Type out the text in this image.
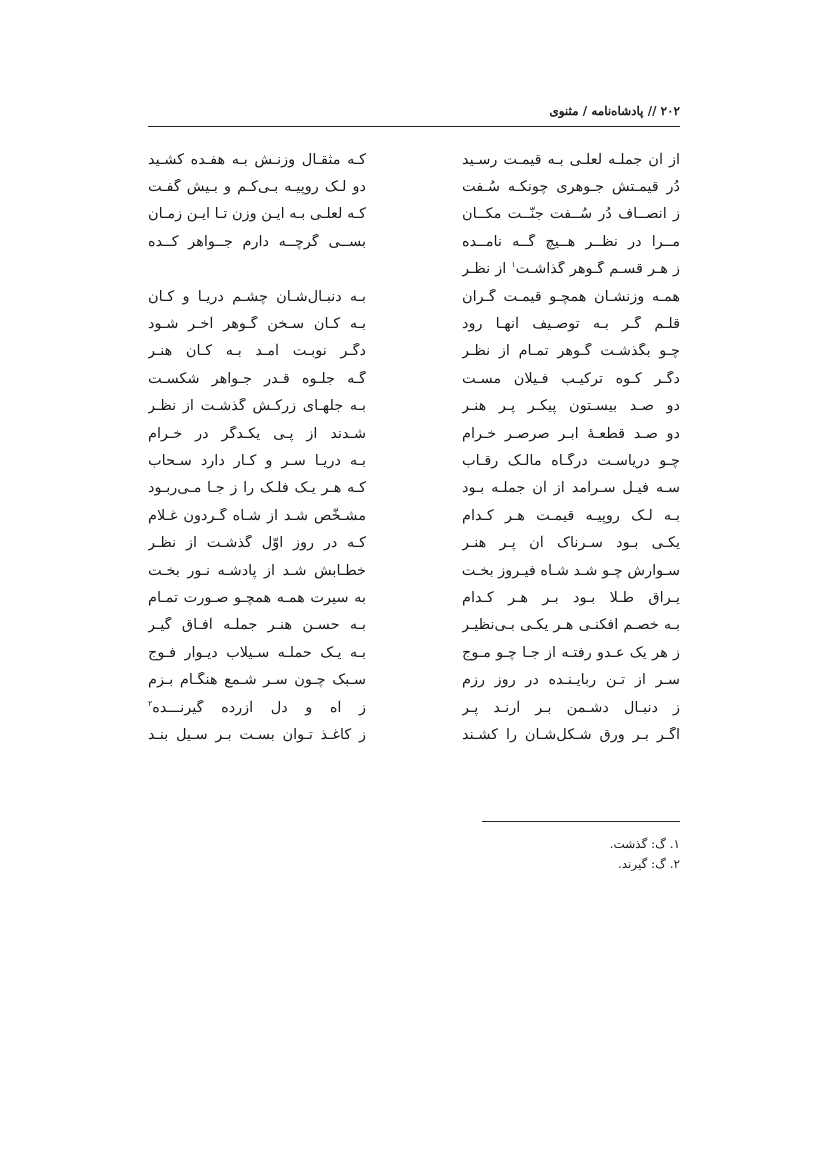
۲۰۲ // پادشاه‌نامه / مثنوی
از آن جملـه لعلـی بـه قیمـت رسـید
کـه مثقـال وزنـش بـه هفـده کشـید
دُر قیمـتش جـوهری چونکـه سُـفت
دو لـک روپیـه بـی‌کـم و بـیش گفـت
ز انصــاف دُر سُــفت جنّــت مکــان
کـه لعلـی بـه ایـن وزن تـا ایـن زمـان
مــرا در نظــر هــیچ گــه نامــده
بســی گرچــه دارم جــواهر کــده
ز هـر قسـم گـوهر گذاشـت$^۱$ از نظـر
همـه وزنشـان همچـو قیمـت گـران
بـه دنبـال‌شـان چشـم دریـا و کـان
قلـم گـر بـه توصـیف آنهـا رود
بـه کـان سـخن گـوهر آخـر شـود
چـو بگذشـت گـوهر تمـام از نظـر
دگـر نوبـت آمـد بـه کـان هنـر
دگـر کـوه ترکیـب فـیلان مسـت
گـه جلـوه قـدر جـواهر شکسـت
دو صـد بیسـتون پیکـر پـر هنـر
بـه جلهـای زرکـش گذشـت از نظـر
دو صـد قطعـهٔ ابـر صرصـر خـرام
شـدند از پـی یکـدگر در خـرام
چـو دریاسـت درگـاه مالـک رقـاب
بـه دریـا سـر و کـار دارد سـحاب
سـه فیـل سـرآمد از آن جملـه بـود
کـه هـر یـک فلـک را ز جـا مـی‌ربـود
بـه لـک روپیـه قیمـت هـر کـدام
مشـخّص شـد از شـاه گـردون غـلام
یکـی بـود سـرناک آن پـر هنـر
کـه در روز اوّل گذشـت از نظـر
سـوارش چـو شـد شـاه فیـروز بخـت
خطـابش شـد از پادشـه نـور بخـت
یـراق طـلا بـود بـر هـر کـدام
به سیرت همـه همچـو صـورت تمـام
بـه خصـم افکنـی هـر یکـی بـی‌نظیـر
بـه حسـن هنـر جملـه آفـاق گیـر
ز هر یک عـدو رفتـه از جـا چـو مـوج
بـه یـک حملـه سـیلاب دیـوار فـوج
سـر از تـن ربایـنـده در روز رزم
سـبک چـون سـر شـمع هنگـام بـزم
ز دنبـال دشـمن بـر آرنـد پـر
ز آه و دل آزرده گیرنـــده$^۲$
اگـر بـر ورق شـکل‌شـان را کشـند
ز کاغـذ تـوان بسـت بـر سـیل بنـد
۱. گ: گذشت.
۲. گ: گیرند.
